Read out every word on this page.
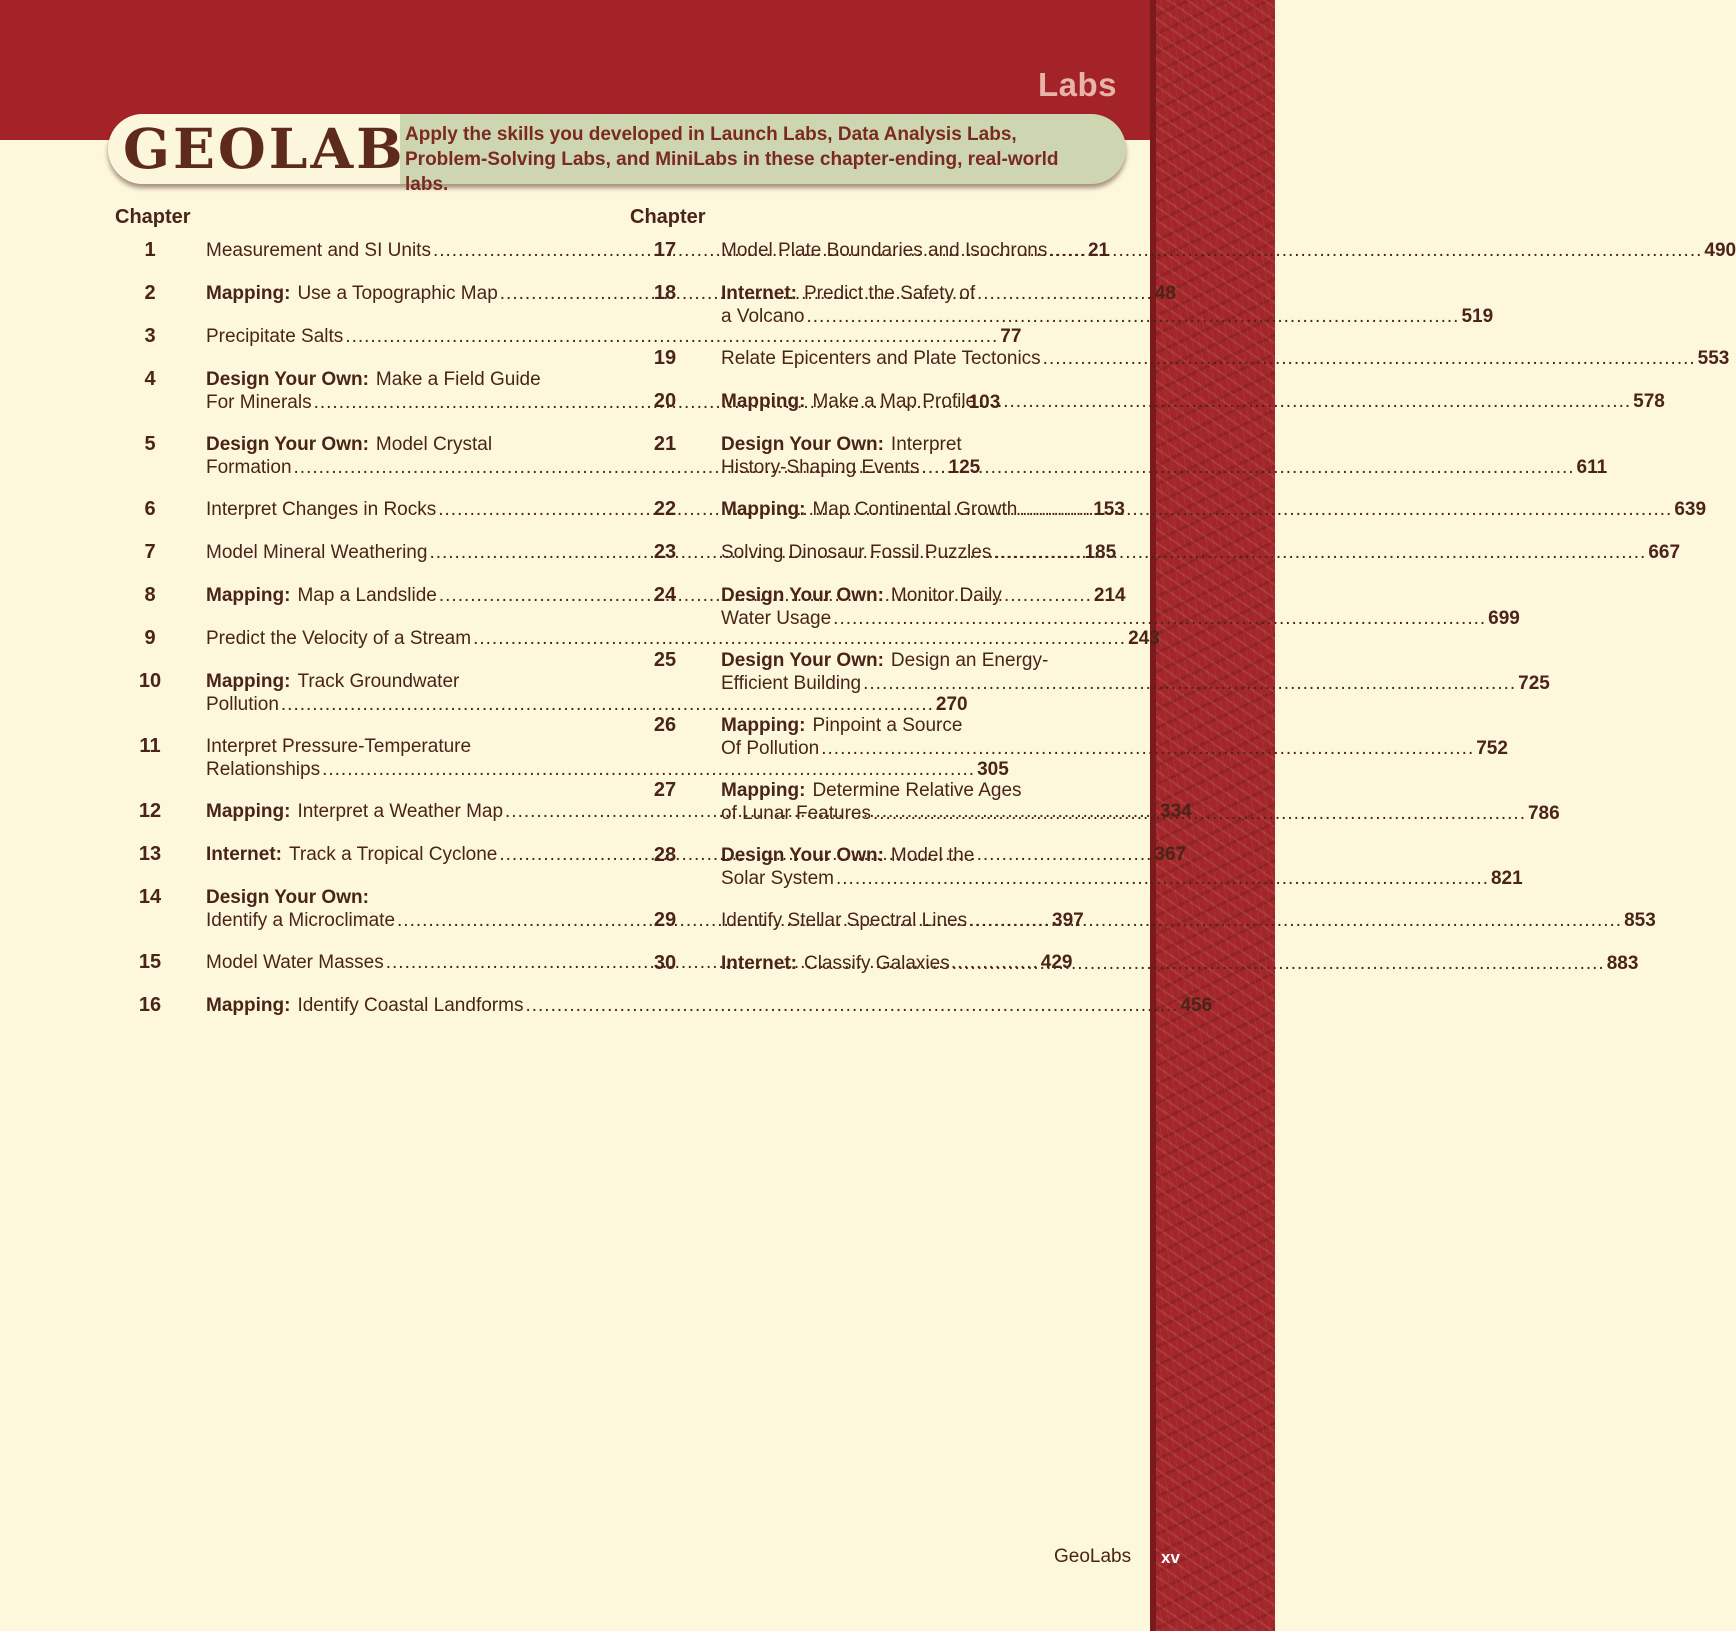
Labs
GEOLAB Apply the skills you developed in Launch Labs, Data Analysis Labs, Problem-Solving Labs, and MiniLabs in these chapter-ending, real-world labs.
Chapter
1	Measurement and SI Units .....	21
2	Mapping: Use a Topographic Map .....	48
3	Precipitate Salts .....	77
4	Design Your Own: Make a Field Guide
For Minerals .....	103
5	Design Your Own: Model Crystal
Formation .....	125
6	Interpret Changes in Rocks .....	153
7	Model Mineral Weathering .....	185
8	Mapping: Map a Landslide .....	214
9	Predict the Velocity of a Stream .....	243
10	Mapping: Track Groundwater
Pollution .....	270
11	Interpret Pressure-Temperature
Relationships .....	305
12	Mapping: Interpret a Weather Map .....	334
13	Internet: Track a Tropical Cyclone .....	367
14	Design Your Own:
Identify a Microclimate .....	397
15	Model Water Masses .....	429
16	Mapping: Identify Coastal Landforms .....	456
Chapter
17	Model Plate Boundaries and Isochrons .....	490
18	Internet: Predict the Safety of
a Volcano .....	519
19	Relate Epicenters and Plate Tectonics .....	553
20	Mapping: Make a Map Profile .....	578
21	Design Your Own: Interpret
History-Shaping Events .....	611
22	Mapping: Map Continental Growth .....	639
23	Solving Dinosaur Fossil Puzzles .....	667
24	Design Your Own: Monitor Daily
Water Usage .....	699
25	Design Your Own: Design an Energy-
Efficient Building .....	725
26	Mapping: Pinpoint a Source
Of Pollution .....	752
27	Mapping: Determine Relative Ages
of Lunar Features .....	786
28	Design Your Own: Model the
Solar System .....	821
29	Identify Stellar Spectral Lines .....	853
30	Internet: Classify Galaxies .....	883
GeoLabs xv
